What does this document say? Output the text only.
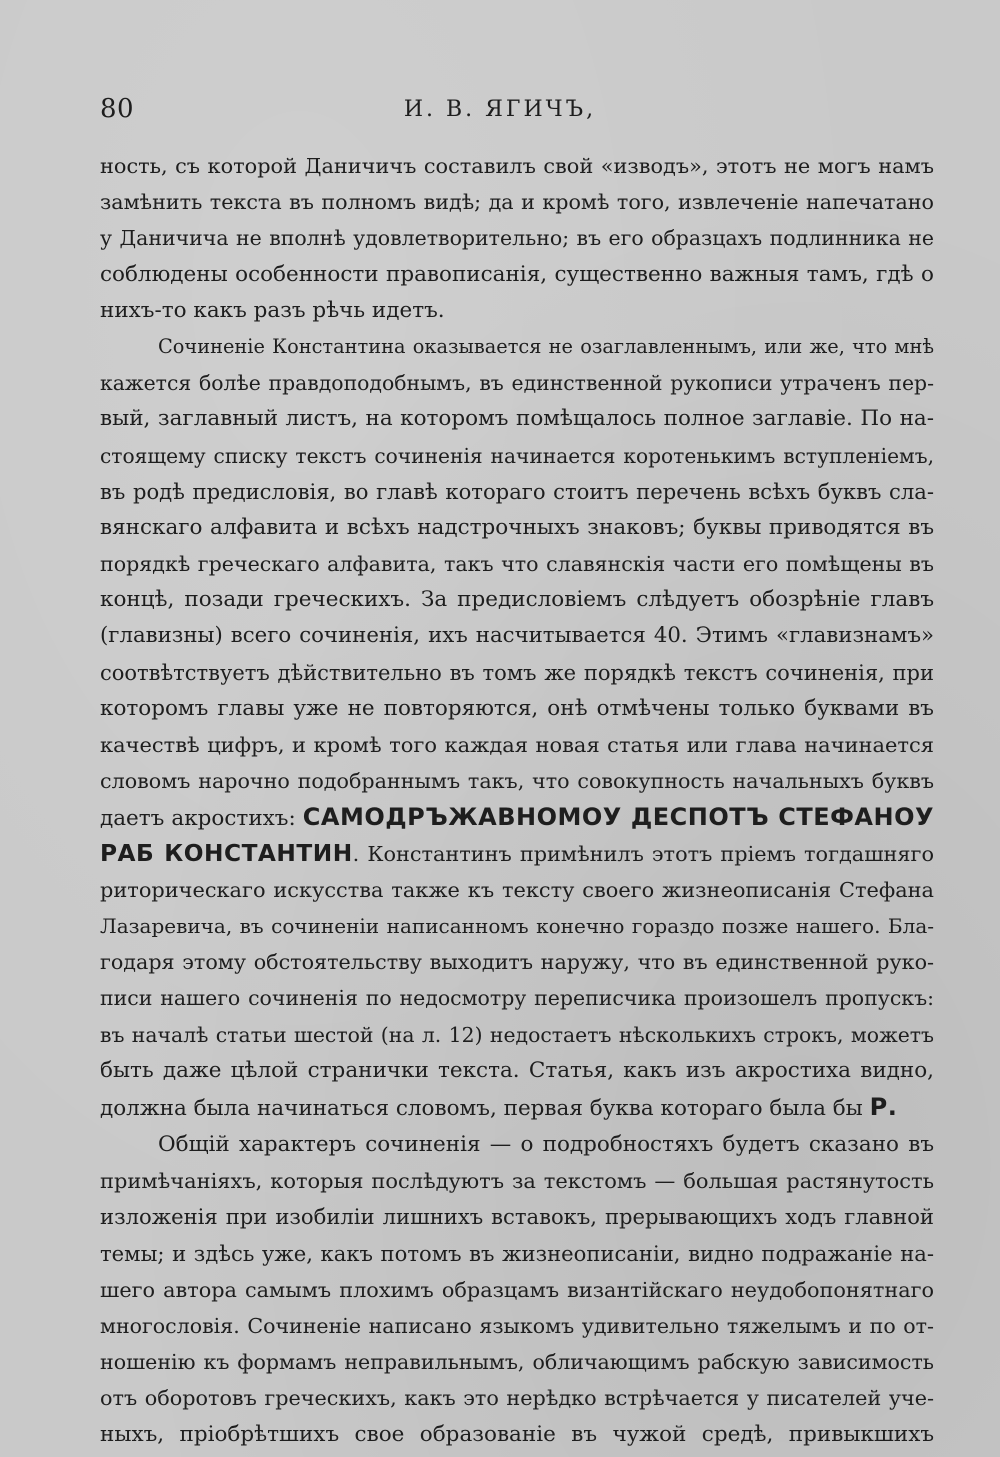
80	И. В. ЯГИЧЪ,
ность, съ которой Даничичъ составилъ свой «изводъ», этотъ не могъ намъ
замѣнить текста въ полномъ видѣ; да и кромѣ того, извлеченіе напечатано
у Даничича не вполнѣ удовлетворительно; въ его образцахъ подлинника не
соблюдены особенности правописанія, существенно важныя тамъ, гдѣ о
нихъ-то какъ разъ рѣчь идетъ.
Сочиненіе Константина оказывается не озаглавленнымъ, или же, что мнѣ
кажется болѣе правдоподобнымъ, въ единственной рукописи утраченъ пер-
вый, заглавный листъ, на которомъ помѣщалось полное заглавіе. По на-
стоящему списку текстъ сочиненія начинается коротенькимъ вступленіемъ,
въ родѣ предисловія, во главѣ котораго стоитъ перечень всѣхъ буквъ сла-
вянскаго алфавита и всѣхъ надстрочныхъ знаковъ; буквы приводятся въ
порядкѣ греческаго алфавита, такъ что славянскія части его помѣщены въ
концѣ, позади греческихъ. За предисловіемъ слѣдуетъ обозрѣніе главъ
(главизны) всего сочиненія, ихъ насчитывается 40. Этимъ «главизнамъ»
соотвѣтствуетъ дѣйствительно въ томъ же порядкѣ текстъ сочиненія, при
которомъ главы уже не повторяются, онѣ отмѣчены только буквами въ
качествѣ цифръ, и кромѣ того каждая новая статья или глава начинается
словомъ нарочно подобраннымъ такъ, что совокупность начальныхъ буквъ
даетъ акростихъ: САМОДРЪЖАВНОМОУ ДЕСПОТЪ СТЕФАНОУ
РАБ КОНСТАНТИН. Константинъ примѣнилъ этотъ пріемъ тогдашняго
риторическаго искусства также къ тексту своего жизнеописанія Стефана
Лазаревича, въ сочиненіи написанномъ конечно гораздо позже нашего. Бла-
годаря этому обстоятельству выходитъ наружу, что въ единственной руко-
писи нашего сочиненія по недосмотру переписчика произошелъ пропускъ:
въ началѣ статьи шестой (на л. 12) недостаетъ нѣсколькихъ строкъ, можетъ
быть даже цѣлой странички текста. Статья, какъ изъ акростиха видно,
должна была начинаться словомъ, первая буква котораго была бы Р.
Общій характеръ сочиненія — о подробностяхъ будетъ сказано въ
примѣчаніяхъ, которыя послѣдуютъ за текстомъ — большая растянутость
изложенія при изобиліи лишнихъ вставокъ, прерывающихъ ходъ главной
темы; и здѣсь уже, какъ потомъ въ жизнеописаніи, видно подражаніе на-
шего автора самымъ плохимъ образцамъ византійскаго неудобопонятнаго
многословія. Сочиненіе написано языкомъ удивительно тяжелымъ и по от-
ношенію къ формамъ неправильнымъ, обличающимъ рабскую зависимость
отъ оборотовъ греческихъ, какъ это нерѣдко встрѣчается у писателей уче-
ныхъ, пріобрѣтшихъ свое образованіе въ чужой средѣ, привыкшихъ
